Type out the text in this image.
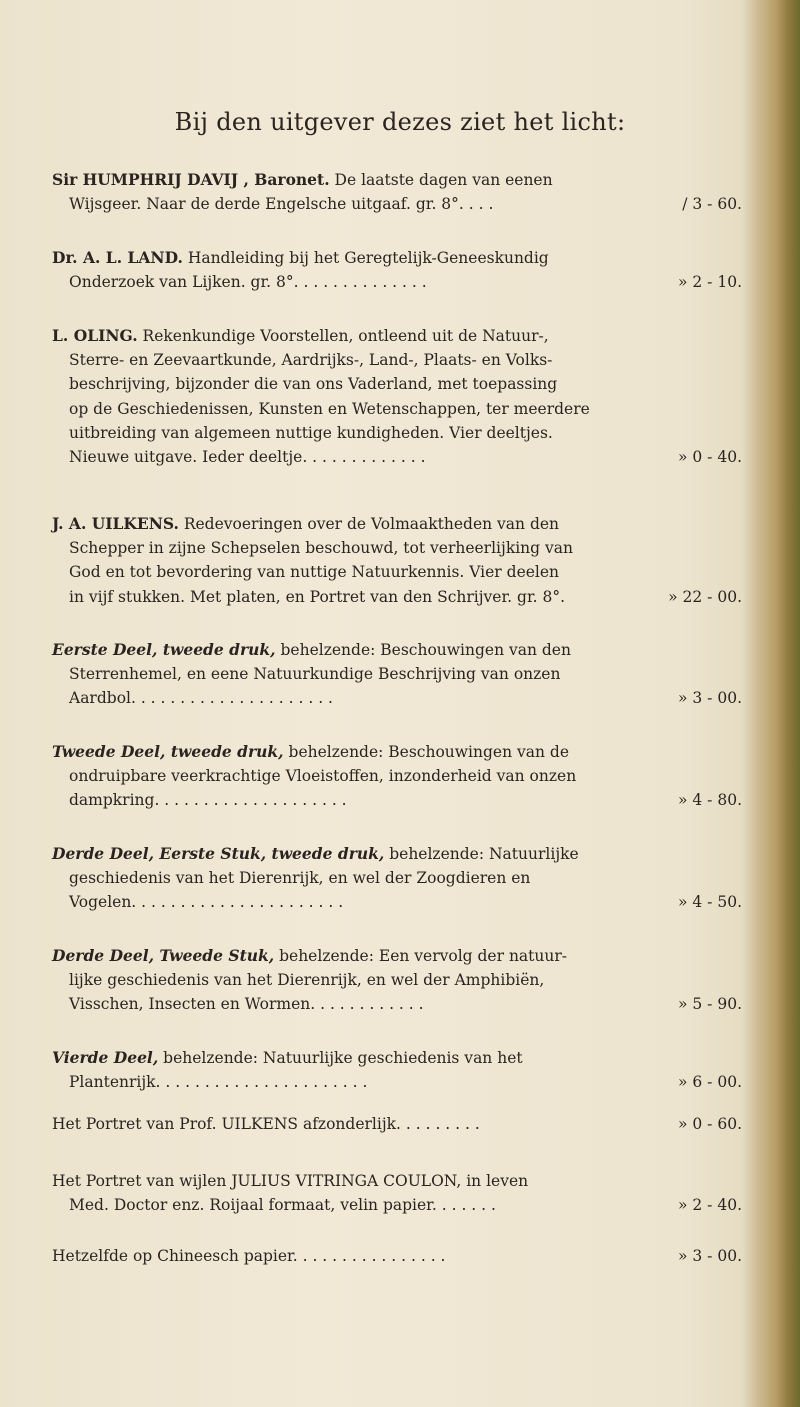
Bij den uitgever dezes ziet het licht:
Sir HUMPHRIJ DAVIJ , Baronet. De laatste dagen van eenen
Wijsgeer. Naar de derde Engelsche uitgaaf. gr. 8°. . . .	/ 3 - 60.
Dr. A. L. LAND. Handleiding bij het Geregtelijk-Geneeskundig
Onderzoek van Lijken. gr. 8°. . . . . . . . . . . . . .	» 2 - 10.
L. OLING. Rekenkundige Voorstellen, ontleend uit de Natuur-,
Sterre- en Zeevaartkunde, Aardrijks-, Land-, Plaats- en Volks-
beschrijving, bijzonder die van ons Vaderland, met toepassing
op de Geschiedenissen, Kunsten en Wetenschappen, ter meerdere
uitbreiding van algemeen nuttige kundigheden. Vier deeltjes.
Nieuwe uitgave. Ieder deeltje. . . . . . . . . . . . .	» 0 - 40.
J. A. UILKENS. Redevoeringen over de Volmaaktheden van den
Schepper in zijne Schepselen beschouwd, tot verheerlijking van
God en tot bevordering van nuttige Natuurkennis. Vier deelen
in vijf stukken. Met platen, en Portret van den Schrijver. gr. 8°.	» 22 - 00.
Eerste Deel, tweede druk, behelzende: Beschouwingen van den
Sterrenhemel, en eene Natuurkundige Beschrijving van onzen
Aardbol. . . . . . . . . . . . . . . . . . . . .	» 3 - 00.
Tweede Deel, tweede druk, behelzende: Beschouwingen van de
ondruipbare veerkrachtige Vloeistoffen, inzonderheid van onzen
dampkring. . . . . . . . . . . . . . . . . . . .	» 4 - 80.
Derde Deel, Eerste Stuk, tweede druk, behelzende: Natuurlijke
geschiedenis van het Dierenrijk, en wel der Zoogdieren en
Vogelen. . . . . . . . . . . . . . . . . . . . . .	» 4 - 50.
Derde Deel, Tweede Stuk, behelzende: Een vervolg der natuur-
lijke geschiedenis van het Dierenrijk, en wel der Amphibiën,
Visschen, Insecten en Wormen. . . . . . . . . . . .	» 5 - 90.
Vierde Deel, behelzende: Natuurlijke geschiedenis van het
Plantenrijk. . . . . . . . . . . . . . . . . . . . . .	» 6 - 00.
Het Portret van Prof. UILKENS afzonderlijk. . . . . . . . .	» 0 - 60.
Het Portret van wijlen JULIUS VITRINGA COULON, in leven
Med. Doctor enz. Roijaal formaat, velin papier. . . . . . .	» 2 - 40.
Hetzelfde op Chineesch papier. . . . . . . . . . . . . . . .	» 3 - 00.
